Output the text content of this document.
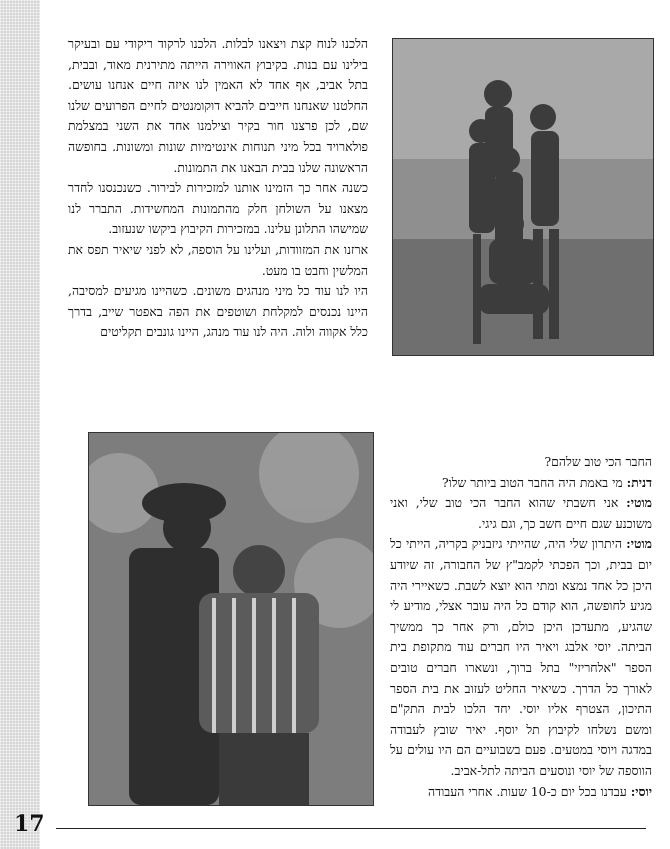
הלכנו לנוח קצת ויצאנו לבלות. הלכנו לרקוד ריקודי עם ובעיקר בילינו עם בנות. בקיבוץ האווירה הייתה מתירנית מאוד, ובבית, בתל אביב, אף אחד לא האמין לנו איזה חיים אנחנו עושים. החלטנו שאנחנו חייבים להביא דוקומנטים לחיים הפרועים שלנו שם, לכן פרצנו חור בקיר וצילמנו אחד את השני במצלמת פולארויד בכל מיני תנוחות אינטימיות שונות ומשונות. בחופשה הראשונה שלנו בבית הבאנו את התמונות.

כשנה אחר כך הזמינו אותנו למזכירות לבירור. כשנכנסנו לחדר מצאנו על השולחן חלק מהתמונות המחשידות. התברר לנו שמישהו התלונן עלינו. במזכירות הקיבוץ ביקשו שנעזוב.

ארזנו את המזוודות, ועלינו על הוספה, לא לפני שיאיר תפס את המלשין וחבט בו מעט.

היו לנו עוד כל מיני מנהגים משונים. כשהיינו מגיעים למסיבה, היינו נכנסים למקלחת ושוטפים את הפה באפטר שייב, בדרך כלל אקווה ולוה. היה לנו עוד מנהג, היינו גונבים תקליטים

החבר הכי טוב שלהם?

דנית: מי באמת היה החבר הטוב ביותר שלו?

מוטי: אני חשבתי שהוא החבר הכי טוב שלי, ואני משוכנע שגם חיים חשב כך, וגם גיגי.

מוטי: היתרון שלי היה, שהייתי גיזבניק בקריה, הייתי כל יום בבית, וכך הפכתי לקמב"ץ של החבורה, זה שיודע היכן כל אחד נמצא ומתי הוא יוצא לשבת. כשאיירי היה מגיע לחופשה, הוא קודם כל היה עובר אצלי, מודיע לי שהגיע, מתעדכן היכן כולם, ורק אחר כך ממשיך הביתה. יוסי אלבג ויאיר היו חברים עוד מתקופת בית הספר "אלחריזי" בתל ברוך, ונשארו חברים טובים לאורך כל הדרך. כשיאיר החליט לעזוב את בית הספר התיכון, הצטרף אליו יוסי. יחד הלכו לבית התק"ם ומשם נשלחו לקיבוץ תל יוסף. יאיר שובץ לעבודה במדגה ויוסי במטעים. פעם בשבועיים הם היו עולים על הווספה של יוסי ונוסעים הביתה לתל-אביב.

יוסי: עבדנו בכל יום כ-10 שעות. אחרי העבודה

17
